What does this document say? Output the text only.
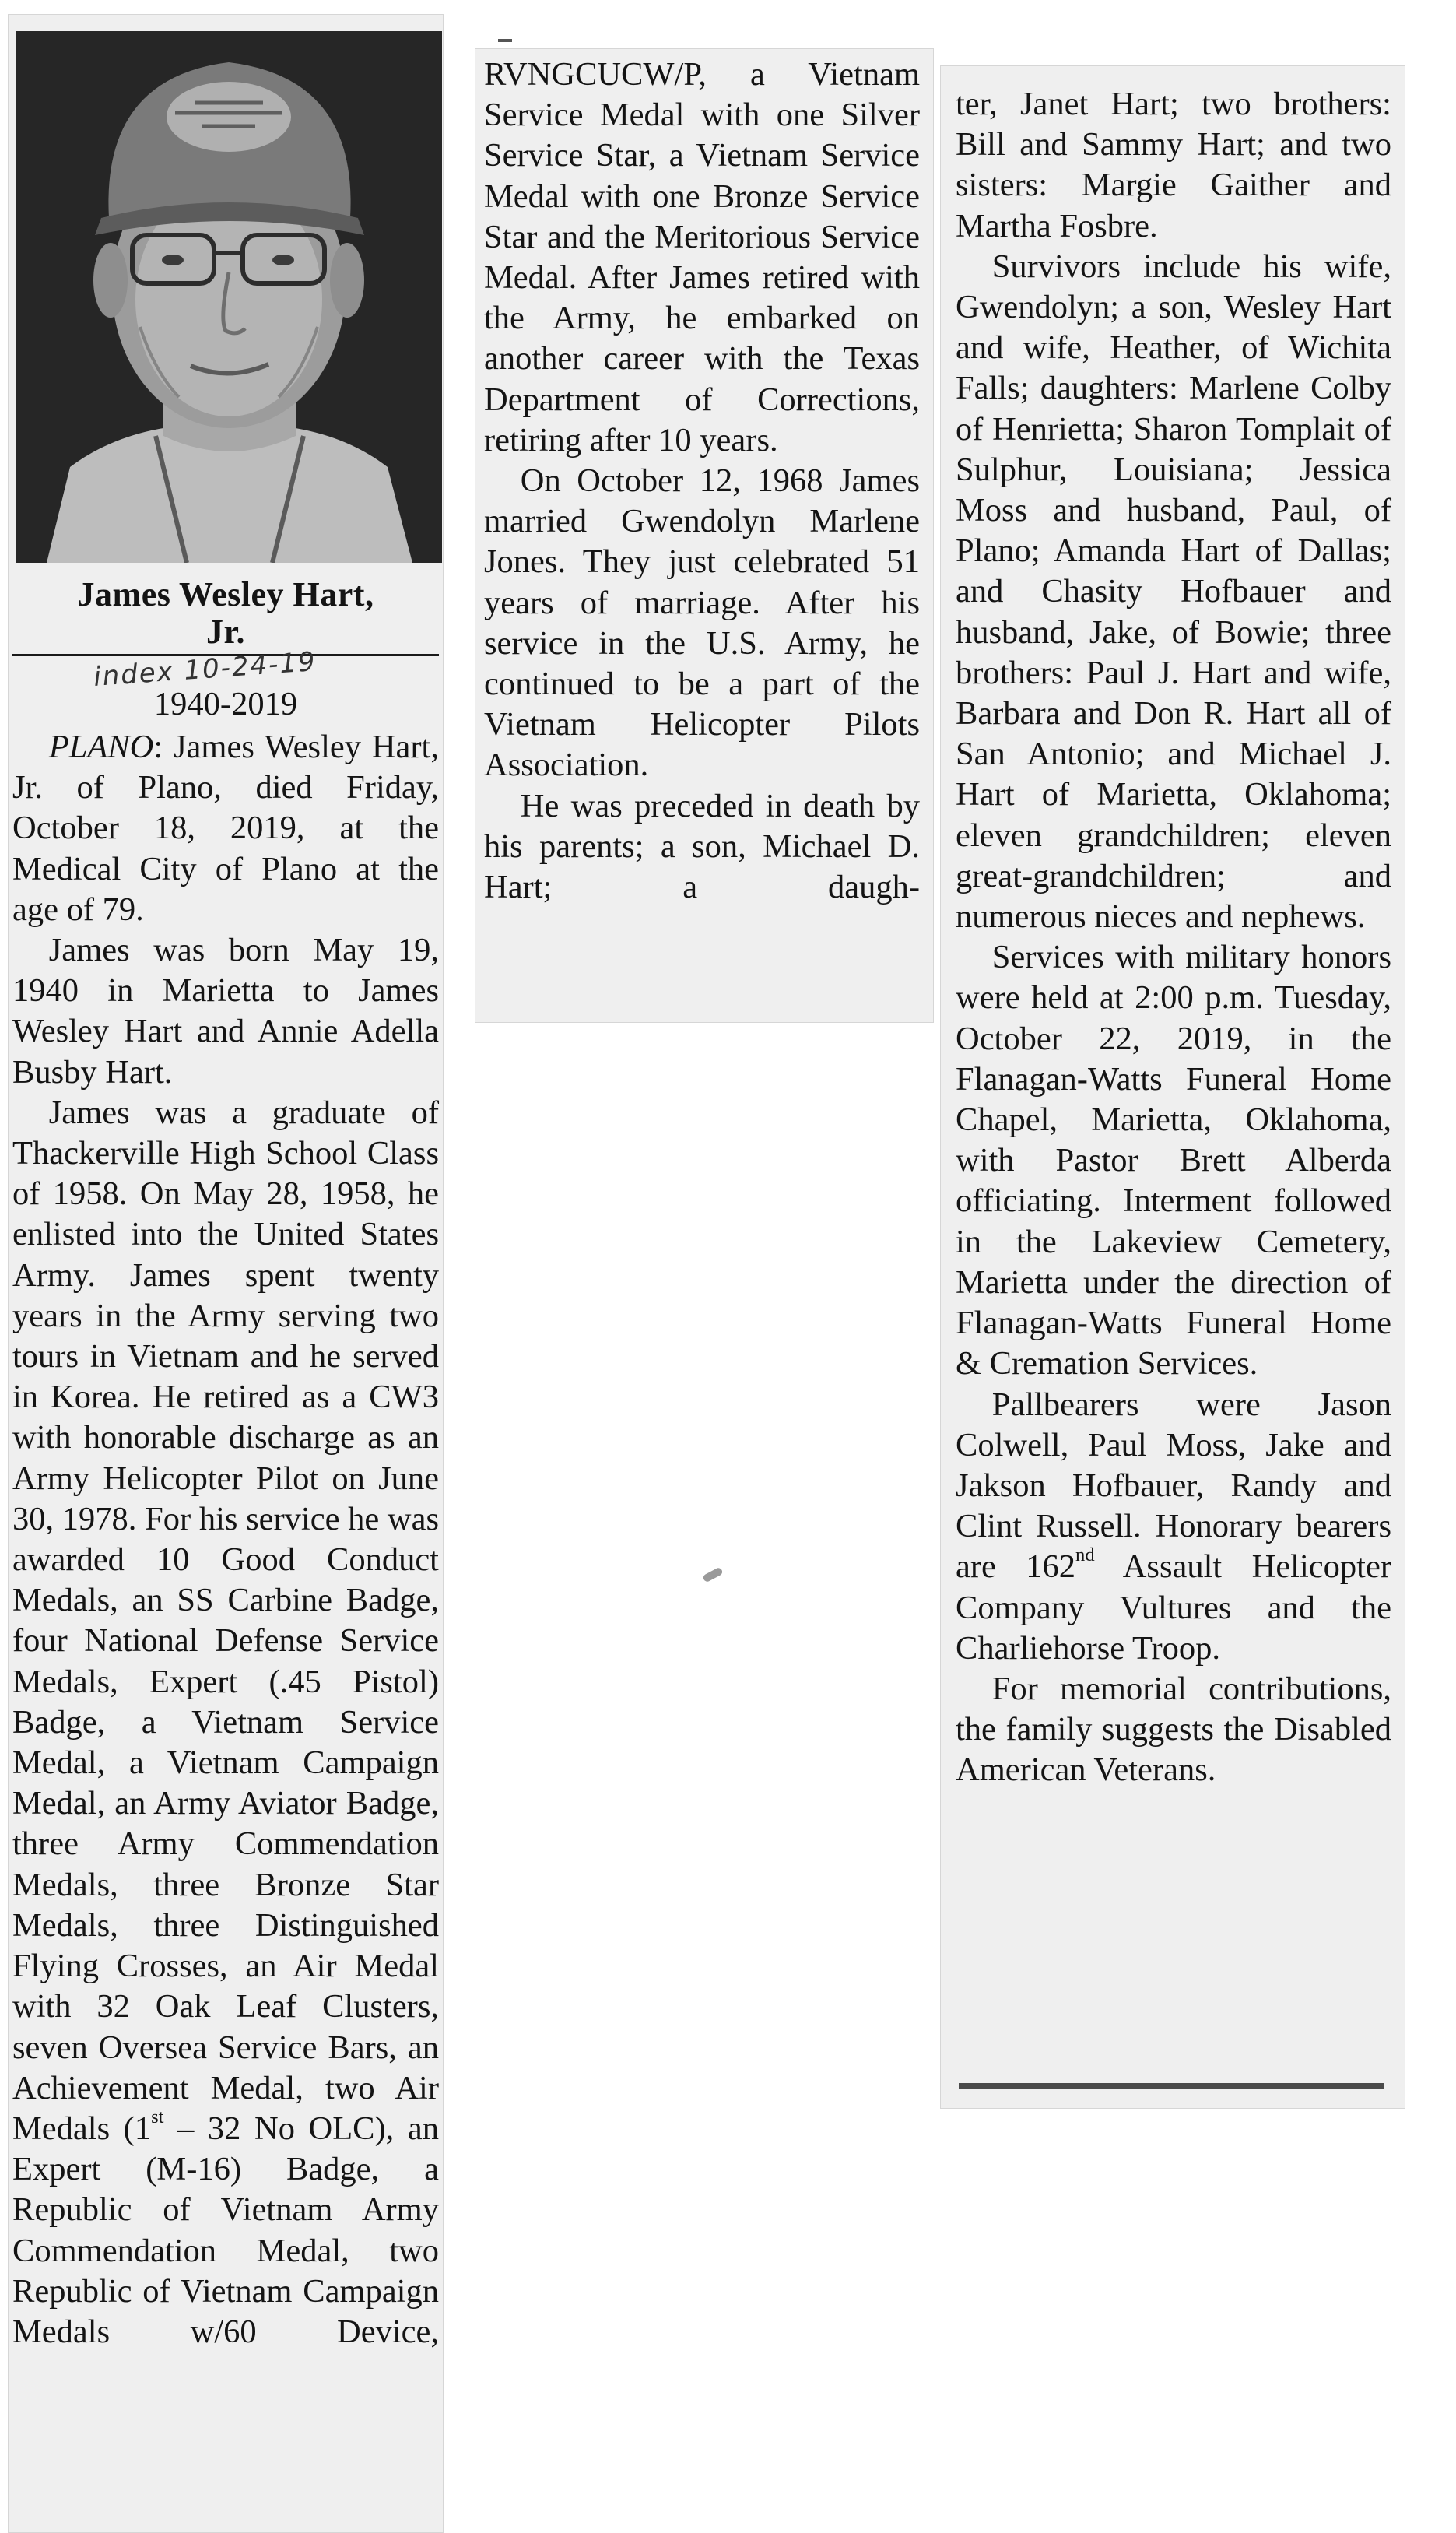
James Wesley Hart,
Jr.
index 10-24-19
1940-2019

PLANO: James Wesley Hart, Jr. of Plano, died Friday, October 18, 2019, at the Medical City of Plano at the age of 79.

James was born May 19, 1940 in Marietta to James Wesley Hart and Annie Adella Busby Hart.

James was a graduate of Thackerville High School Class of 1958. On May 28, 1958, he enlisted into the United States Army. James spent twenty years in the Army serving two tours in Vietnam and he served in Korea. He retired as a CW3 with honorable discharge as an Army Helicopter Pilot on June 30, 1978. For his service he was awarded 10 Good Conduct Medals, an SS Carbine Badge, four National Defense Service Medals, Expert (.45 Pistol) Badge, a Vietnam Service Medal, a Vietnam Campaign Medal, an Army Aviator Badge, three Army Commendation Medals, three Bronze Star Medals, three Distinguished Flying Crosses, an Air Medal with 32 Oak Leaf Clusters, seven Oversea Service Bars, an Achievement Medal, two Air Medals (1st – 32 No OLC), an Expert (M-16) Badge, a Republic of Vietnam Army Commendation Medal, two Republic of Vietnam Campaign Medals w/60 Device,

RVNGCUCW/P, a Vietnam Service Medal with one Silver Service Star, a Vietnam Service Medal with one Bronze Service Star and the Meritorious Service Medal. After James retired with the Army, he embarked on another career with the Texas Department of Corrections, retiring after 10 years.

On October 12, 1968 James married Gwendolyn Marlene Jones. They just celebrated 51 years of marriage. After his service in the U.S. Army, he continued to be a part of the Vietnam Helicopter Pilots Association.

He was preceded in death by his parents; a son, Michael D. Hart; a daugh-

ter, Janet Hart; two brothers: Bill and Sammy Hart; and two sisters: Margie Gaither and Martha Fosbre.

Survivors include his wife, Gwendolyn; a son, Wesley Hart and wife, Heather, of Wichita Falls; daughters: Marlene Colby of Henrietta; Sharon Tomplait of Sulphur, Louisiana; Jessica Moss and husband, Paul, of Plano; Amanda Hart of Dallas; and Chasity Hofbauer and husband, Jake, of Bowie; three brothers: Paul J. Hart and wife, Barbara and Don R. Hart all of San Antonio; and Michael J. Hart of Marietta, Oklahoma; eleven grandchildren; eleven great-grandchildren; and numerous nieces and nephews.

Services with military honors were held at 2:00 p.m. Tuesday, October 22, 2019, in the Flanagan-Watts Funeral Home Chapel, Marietta, Oklahoma, with Pastor Brett Alberda officiating. Interment followed in the Lakeview Cemetery, Marietta under the direction of Flanagan-Watts Funeral Home & Cremation Services.

Pallbearers were Jason Colwell, Paul Moss, Jake and Jakson Hofbauer, Randy and Clint Russell. Honorary bearers are 162nd Assault Helicopter Company Vultures and the Charliehorse Troop.

For memorial contributions, the family suggests the Disabled American Veterans.
